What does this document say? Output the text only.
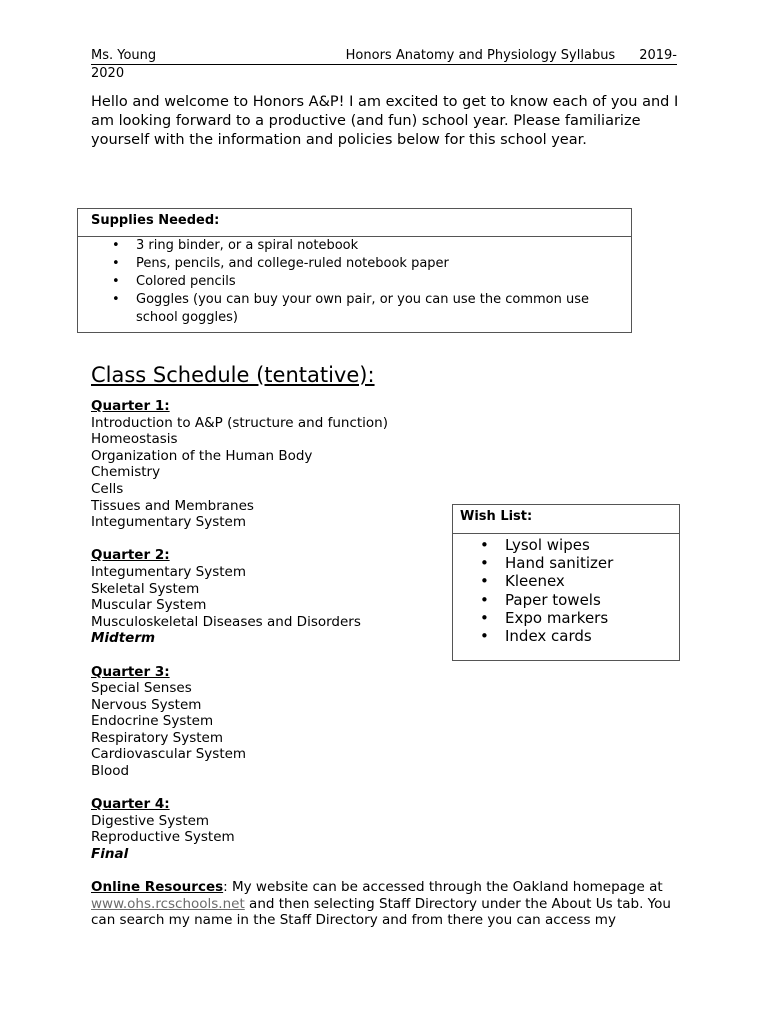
Ms. Young	Honors Anatomy and Physiology Syllabus 2019-
2020
Hello and welcome to Honors A&P! I am excited to get to know each of you and I am looking forward to a productive (and fun) school year. Please familiarize yourself with the information and policies below for this school year.
Supplies Needed:
• 3 ring binder, or a spiral notebook
• Pens, pencils, and college-ruled notebook paper
• Colored pencils
• Goggles (you can buy your own pair, or you can use the common use school goggles)
Class Schedule (tentative):
Quarter 1:
Introduction to A&P (structure and function)
Homeostasis
Organization of the Human Body
Chemistry
Cells
Tissues and Membranes
Integumentary System
Quarter 2:
Integumentary System
Skeletal System
Muscular System
Musculoskeletal Diseases and Disorders
Midterm
Quarter 3:
Special Senses
Nervous System
Endocrine System
Respiratory System
Cardiovascular System
Blood
Quarter 4:
Digestive System
Reproductive System
Final
Wish List:
• Lysol wipes
• Hand sanitizer
• Kleenex
• Paper towels
• Expo markers
• Index cards
Online Resources: My website can be accessed through the Oakland homepage at www.ohs.rcschools.net and then selecting Staff Directory under the About Us tab. You can search my name in the Staff Directory and from there you can access my
